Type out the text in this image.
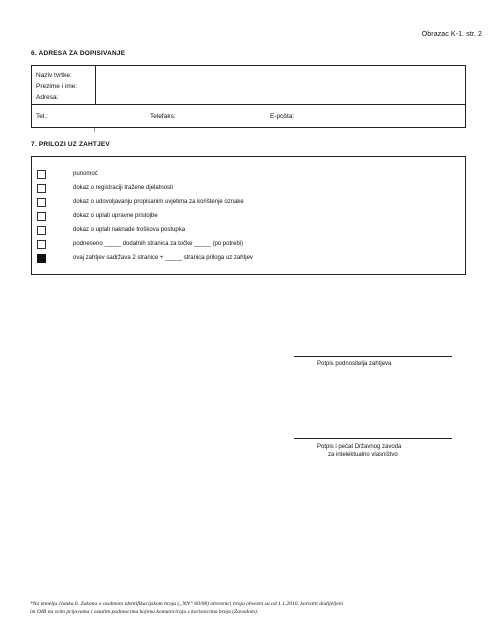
Obrazac K-1. str. 2
6. ADRESA ZA DOPISIVANJE
Naziv tvrtke:
Prezime i ime:
Adresa:
Tel.:	Telefaks:	E-pošta:
7. PRILOZI UZ ZAHTJEV
punomoć
dokaz o registraciji tražene djelatnosti
dokaz o udovoljavanju propisanim uvjetima za korištenje oznake
dokaz o uplati upravne pristojbe
dokaz o uplati naknade troškova postupka
podneseno _____ dodatnih stranica za točke _____ (po potrebi)
ovaj zahtjev sadržava 2 stranice + _____ stranica priloga uz zahtjev
Potpis podnositelja zahtjeva
Potpis i pečat Državnog zavoda
za intelektualno vlasništvo
*Na temelju članka 6. Zakona o osobnom identifikacijskom broju („NN“ 60/08) obveznici broja obvezni su od 1.1.2010. koristiti dodijeljeni
im OIB na svim prijavama i ostalim podnescima kojima komuniciraju s korisnicima broja (Zavodom).
